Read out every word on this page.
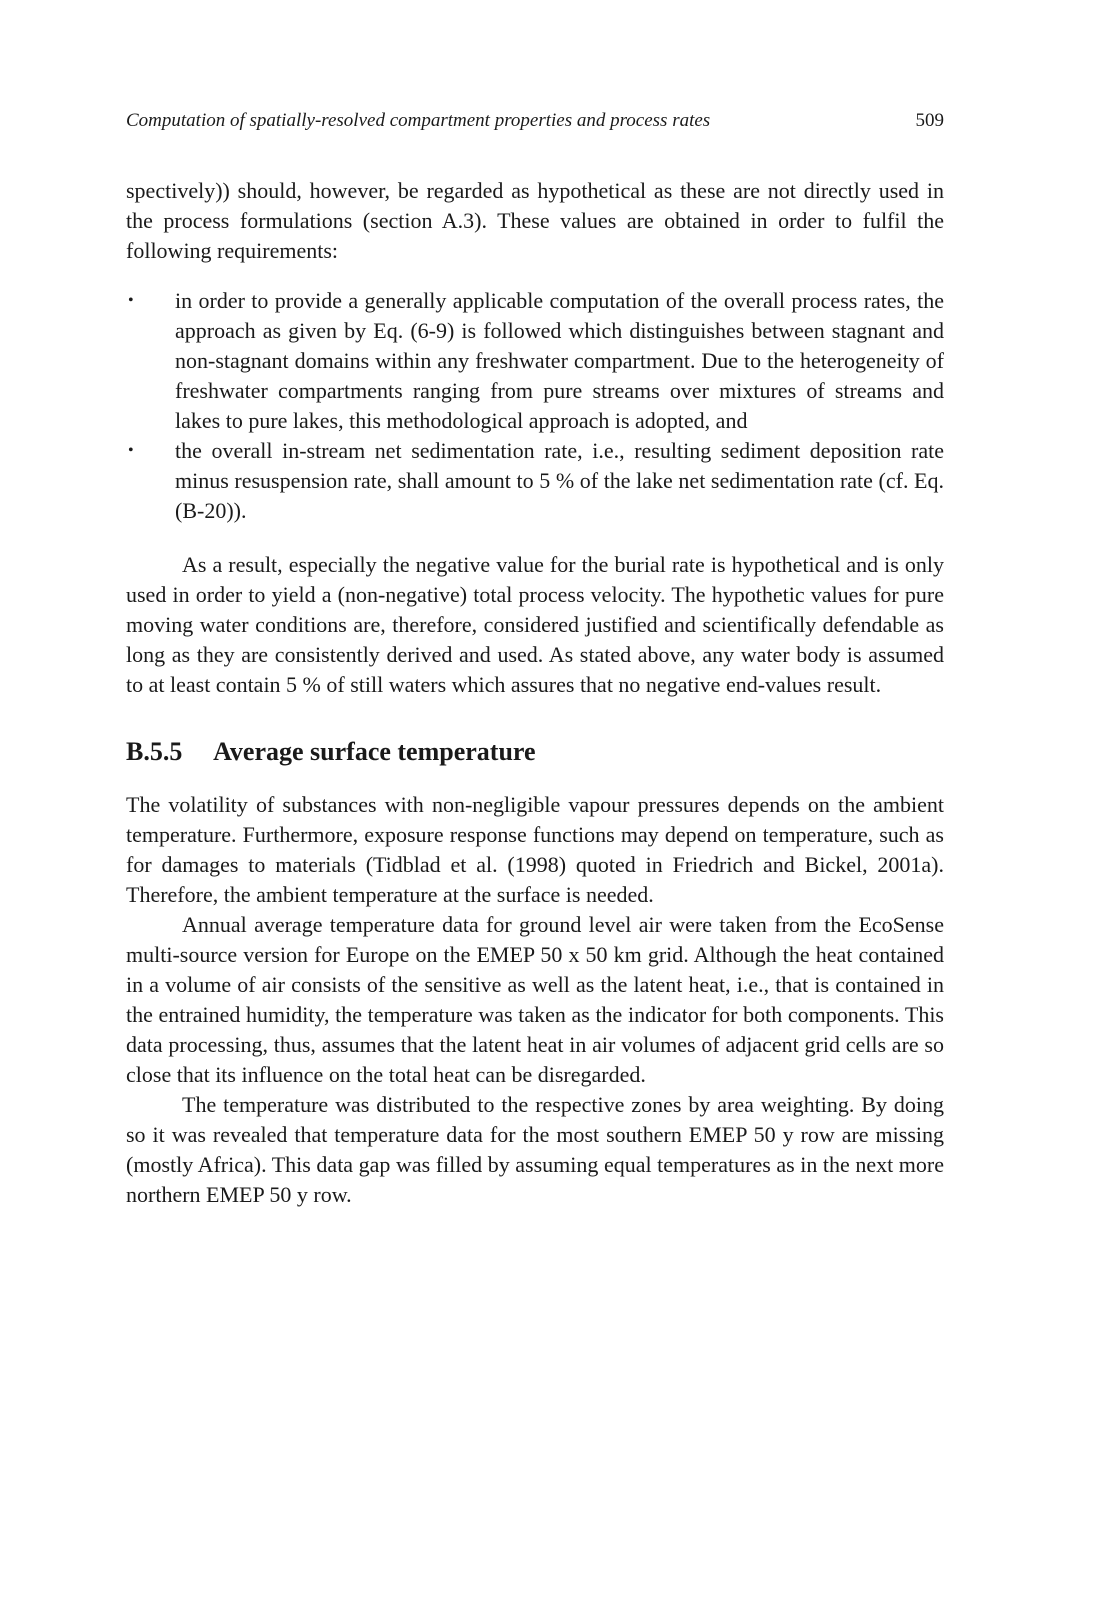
Computation of spatially-resolved compartment properties and process rates	509

spectively)) should, however, be regarded as hypothetical as these are not directly used in the process formulations (section A.3). These values are obtained in order to fulfil the following requirements:

•	in order to provide a generally applicable computation of the overall process rates, the approach as given by Eq. (6-9) is followed which distinguishes between stagnant and non-stagnant domains within any freshwater compartment. Due to the heterogeneity of freshwater compartments ranging from pure streams over mixtures of streams and lakes to pure lakes, this methodological approach is adopted, and
•	the overall in-stream net sedimentation rate, i.e., resulting sediment deposition rate minus resuspension rate, shall amount to 5 % of the lake net sedimentation rate (cf. Eq. (B-20)).

As a result, especially the negative value for the burial rate is hypothetical and is only used in order to yield a (non-negative) total process velocity. The hypothetic values for pure moving water conditions are, therefore, considered justified and scientifically defendable as long as they are consistently derived and used. As stated above, any water body is assumed to at least contain 5 % of still waters which assures that no negative end-values result.

B.5.5 Average surface temperature

The volatility of substances with non-negligible vapour pressures depends on the ambient temperature. Furthermore, exposure response functions may depend on temperature, such as for damages to materials (Tidblad et al. (1998) quoted in Friedrich and Bickel, 2001a). Therefore, the ambient temperature at the surface is needed.

Annual average temperature data for ground level air were taken from the EcoSense multi-source version for Europe on the EMEP 50 x 50 km grid. Although the heat contained in a volume of air consists of the sensitive as well as the latent heat, i.e., that is contained in the entrained humidity, the temperature was taken as the indicator for both components. This data processing, thus, assumes that the latent heat in air volumes of adjacent grid cells are so close that its influence on the total heat can be disregarded.

The temperature was distributed to the respective zones by area weighting. By doing so it was revealed that temperature data for the most southern EMEP 50 y row are missing (mostly Africa). This data gap was filled by assuming equal temperatures as in the next more northern EMEP 50 y row.
